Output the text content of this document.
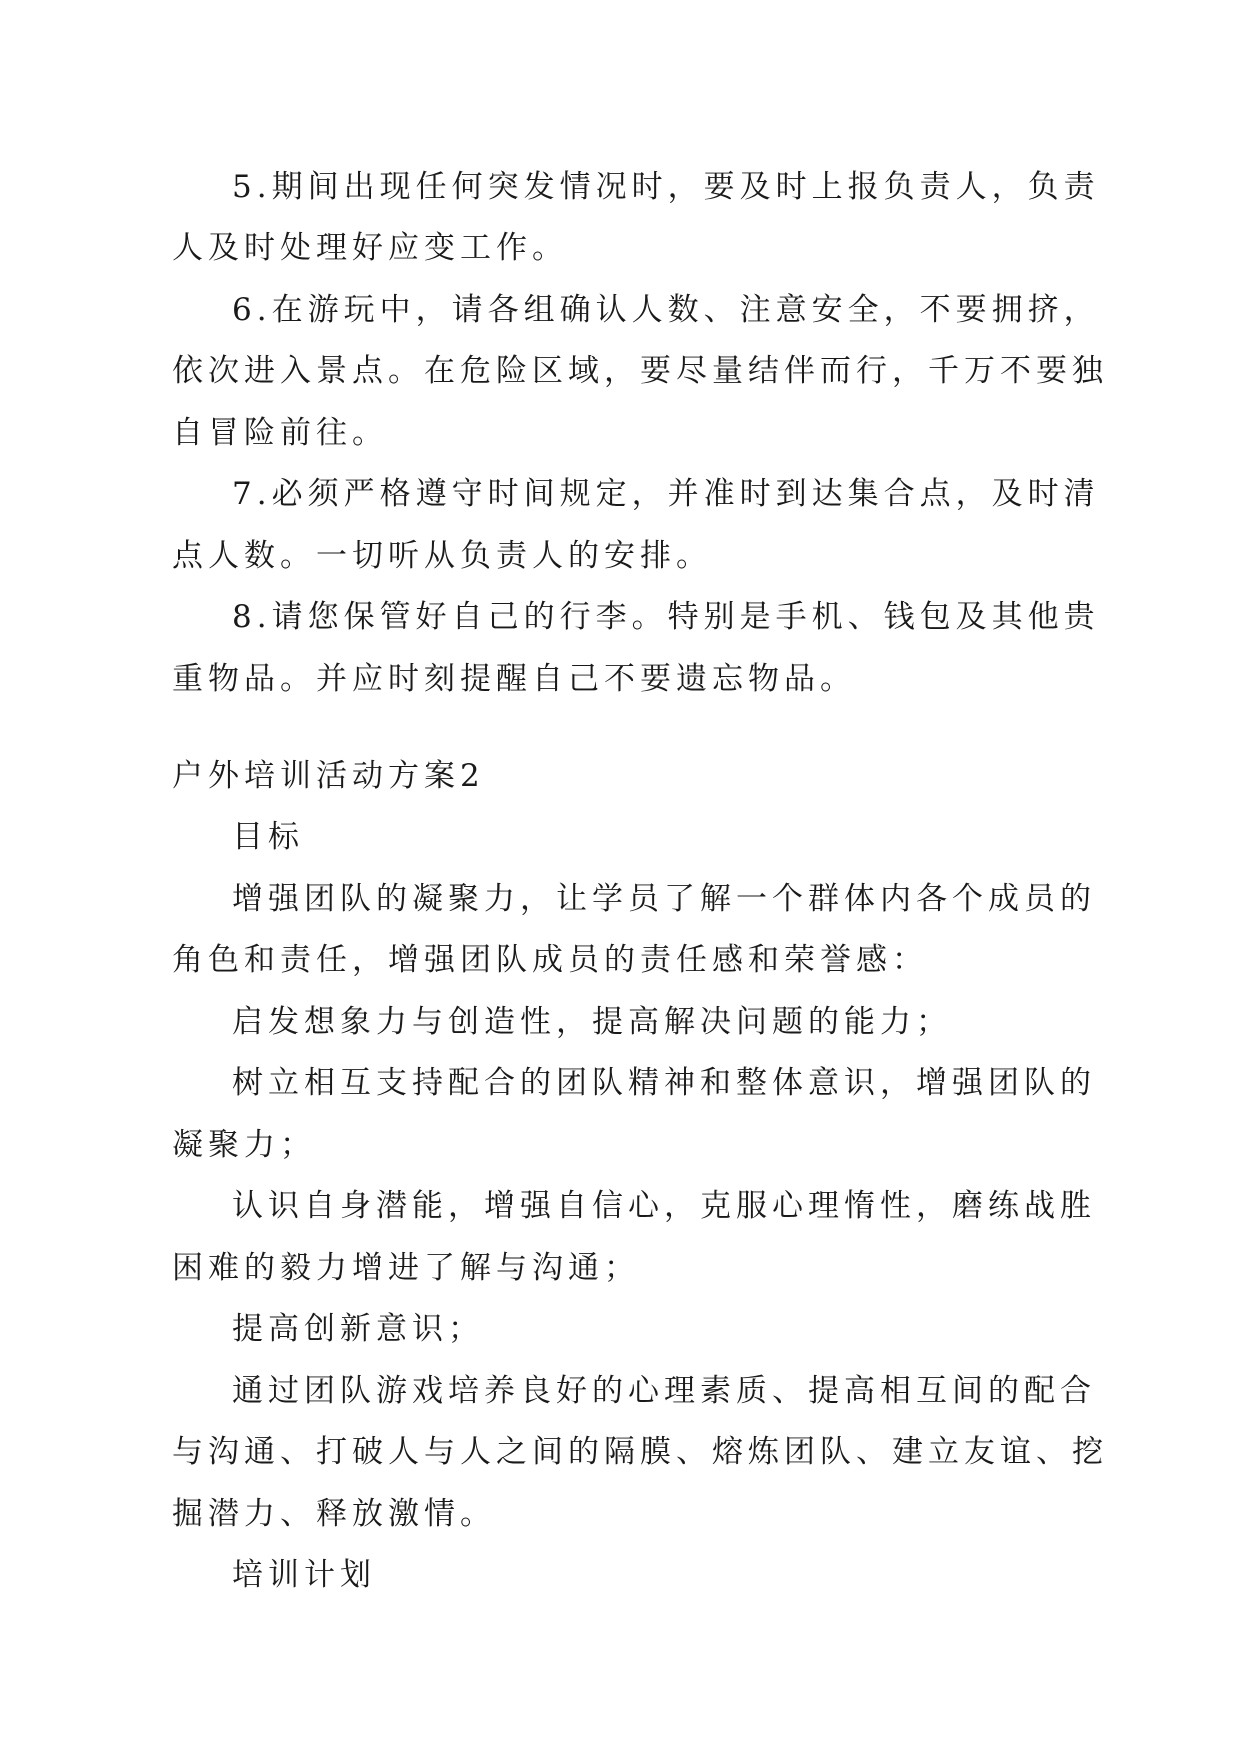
5.期间出现任何突发情况时，要及时上报负责人，负责

人及时处理好应变工作。

6.在游玩中，请各组确认人数、注意安全，不要拥挤，

依次进入景点。在危险区域，要尽量结伴而行，千万不要独

自冒险前往。

7.必须严格遵守时间规定，并准时到达集合点，及时清

点人数。一切听从负责人的安排。

8.请您保管好自己的行李。特别是手机、钱包及其他贵

重物品。并应时刻提醒自己不要遗忘物品。

户外培训活动方案2

目标

增强团队的凝聚力，让学员了解一个群体内各个成员的

角色和责任，增强团队成员的责任感和荣誉感：

启发想象力与创造性，提高解决问题的能力；

树立相互支持配合的团队精神和整体意识，增强团队的

凝聚力；

认识自身潜能，增强自信心，克服心理惰性，磨练战胜

困难的毅力增进了解与沟通；

提高创新意识；

通过团队游戏培养良好的心理素质、提高相互间的配合

与沟通、打破人与人之间的隔膜、熔炼团队、建立友谊、挖

掘潜力、释放激情。

培训计划
